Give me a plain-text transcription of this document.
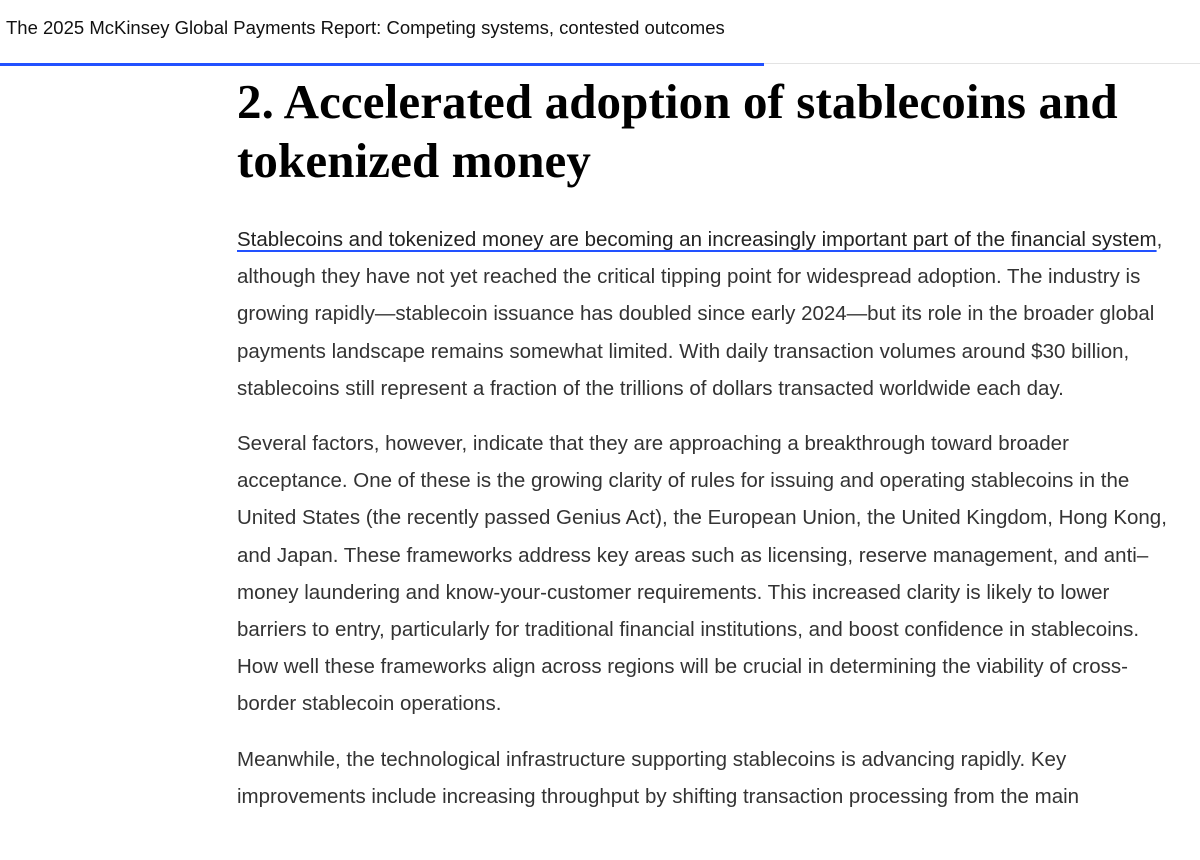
The 2025 McKinsey Global Payments Report: Competing systems, contested outcomes
2. Accelerated adoption of stablecoins and tokenized money

Stablecoins and tokenized money are becoming an increasingly important part of the financial system, although they have not yet reached the critical tipping point for widespread adoption. The industry is growing rapidly—stablecoin issuance has doubled since early 2024—but its role in the broader global payments landscape remains somewhat limited. With daily transaction volumes around $30 billion, stablecoins still represent a fraction of the trillions of dollars transacted worldwide each day.

Several factors, however, indicate that they are approaching a breakthrough toward broader acceptance. One of these is the growing clarity of rules for issuing and operating stablecoins in the United States (the recently passed Genius Act), the European Union, the United Kingdom, Hong Kong, and Japan. These frameworks address key areas such as licensing, reserve management, and anti–money laundering and know-your-customer requirements. This increased clarity is likely to lower barriers to entry, particularly for traditional financial institutions, and boost confidence in stablecoins. How well these frameworks align across regions will be crucial in determining the viability of cross-border stablecoin operations.

Meanwhile, the technological infrastructure supporting stablecoins is advancing rapidly. Key improvements include increasing throughput by shifting transaction processing from the main
